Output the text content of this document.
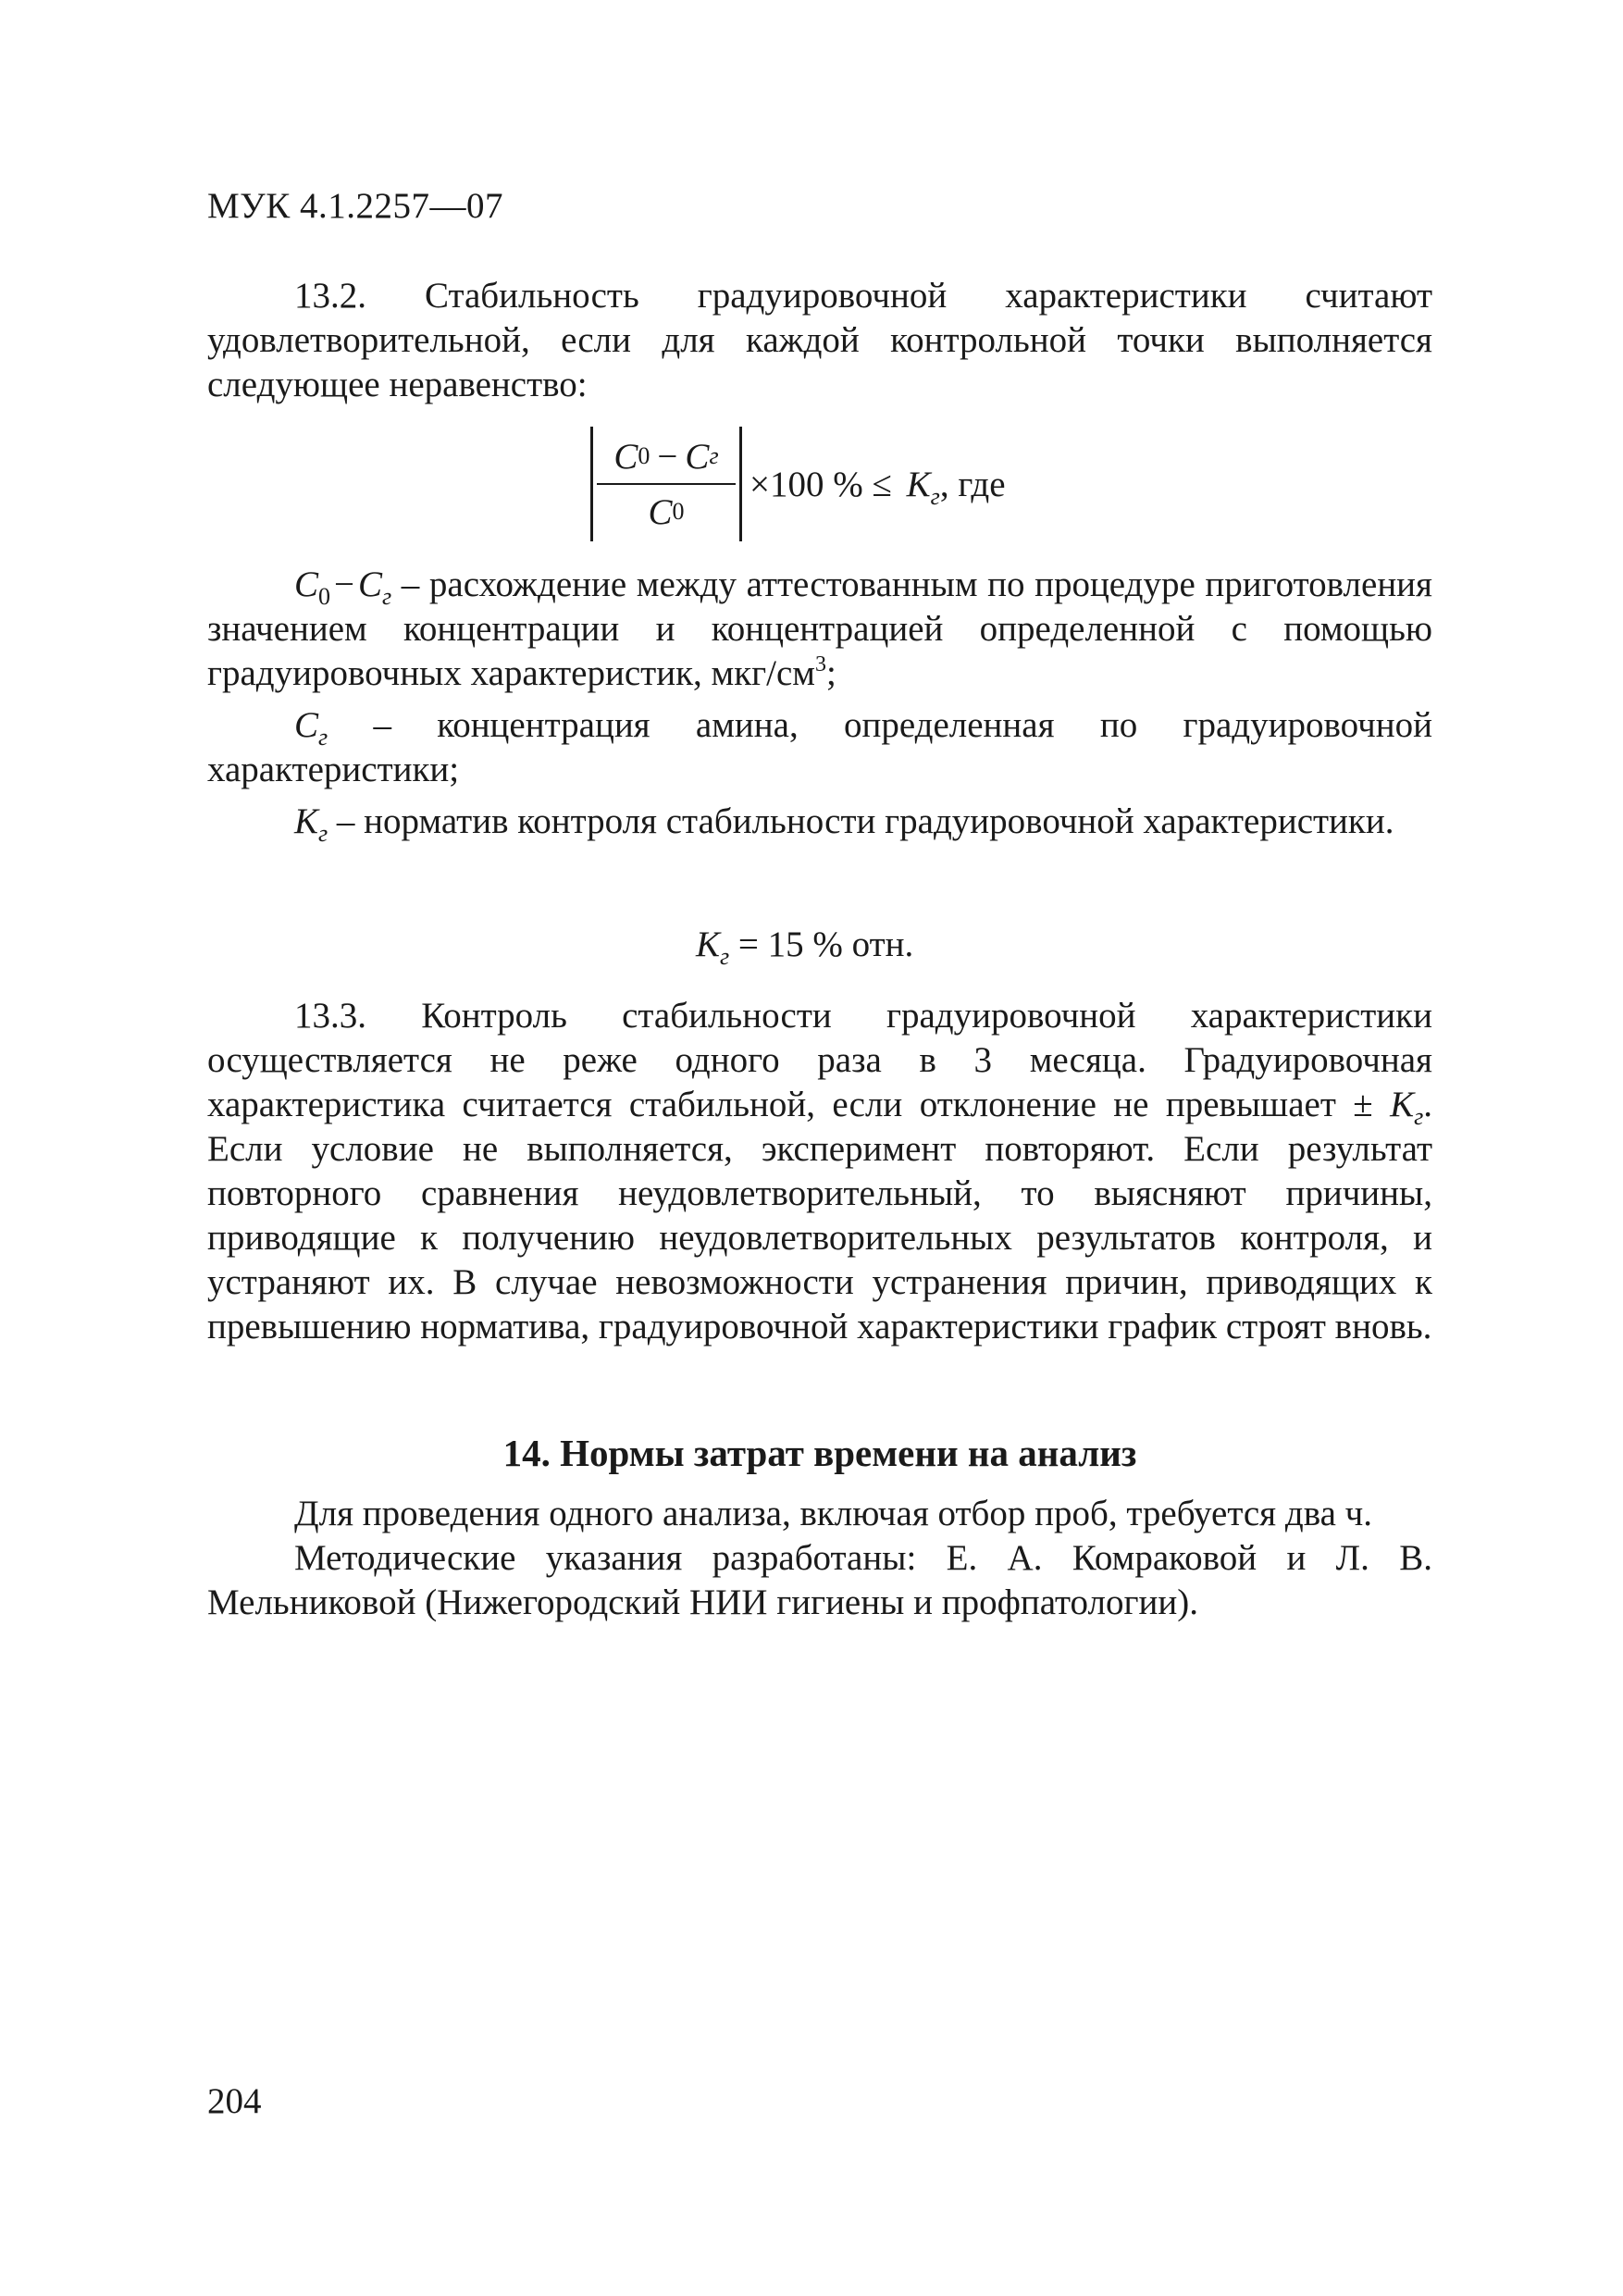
МУК 4.1.2257—07

13.2. Стабильность градуировочной характеристики считают удовлетворительной, если для каждой контрольной точки выполняется следующее неравенство:

$\frac{\text{C 0 − C г}}{C 0} \times 100$ % ≤ $K_г$, где

$C_0 - C_г$ – расхождение между аттестованным по процедуре приготовления значением концентрации и концентрацией определенной с помощью градуировочных характеристик, мкг/$см^3$;

$C_г$ – концентрация амина, определенная по градуировочной характеристики;

$K_г$ – норматив контроля стабильности градуировочной характеристики.

$K_г = 15$ % отн.

13.3. Контроль стабильности градуировочной характеристики осуществляется не реже одного раза в 3 месяца. Градуировочная характеристика считается стабильной, если отклонение не превышает ± $K_г$. Если условие не выполняется, эксперимент повторяют. Если результат повторного сравнения неудовлетворительный, то выясняют причины, приводящие к получению неудовлетворительных результатов контроля, и устраняют их. В случае невозможности устранения причин, приводящих к превышению норматива, градуировочной характеристики график строят вновь.

14. Нормы затрат времени на анализ

Для проведения одного анализа, включая отбор проб, требуется два ч.

Методические указания разработаны: Е. А. Комраковой и Л. В. Мельниковой (Нижегородский НИИ гигиены и профпатологии).

204
